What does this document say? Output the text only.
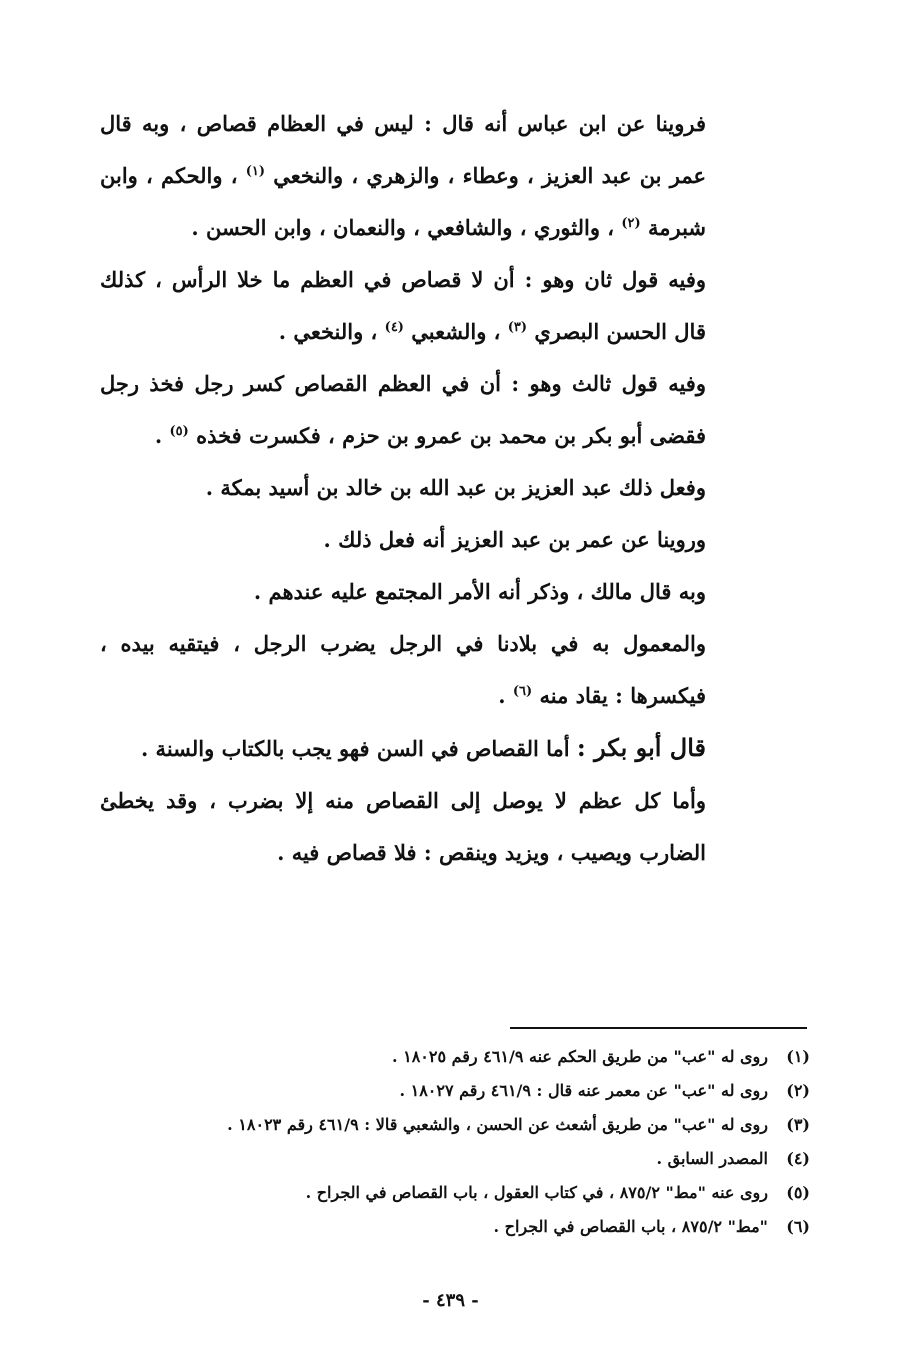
فروينا عن ابن عباس أنه قال : ليس في العظام قصاص ، وبه قال عمر بن عبد العزيز ، وعطاء ، والزهري ، والنخعي $^{(١)}$ ، والحكم ، وابن شبرمة $^{(٢)}$ ، والثوري ، والشافعي ، والنعمان ، وابن الحسن .

وفيه قول ثان وهو : أن لا قصاص في العظم ما خلا الرأس ، كذلك قال الحسن البصري $^{(٣)}$ ، والشعبي $^{(٤)}$ ، والنخعي .

وفيه قول ثالث وهو : أن في العظم القصاص كسر رجل فخذ رجل فقضى أبو بكر بن محمد بن عمرو بن حزم ، فكسرت فخذه $^{(٥)}$ .

وفعل ذلك عبد العزيز بن عبد الله بن خالد بن أسيد بمكة .

وروينا عن عمر بن عبد العزيز أنه فعل ذلك .

وبه قال مالك ، وذكر أنه الأمر المجتمع عليه عندهم .

والمعمول به في بلادنا في الرجل يضرب الرجل ، فيتقيه بيده ، فيكسرها : يقاد منه $^{(٦)}$ .

قال أبو بكر : أما القصاص في السن فهو يجب بالكتاب والسنة .

وأما كل عظم لا يوصل إلى القصاص منه إلا بضرب ، وقد يخطئ الضارب ويصيب ، ويزيد وينقص : فلا قصاص فيه .

(١)روى له "عب" من طريق الحكم عنه ٤٦١/٩ رقم ١٨٠٢٥ .
(٢)روى له "عب" عن معمر عنه قال : ٤٦١/٩ رقم ١٨٠٢٧ .
(٣)روى له "عب" من طريق أشعث عن الحسن ، والشعبي قالا : ٤٦١/٩ رقم ١٨٠٢٣ .
(٤)المصدر السابق .
(٥)روى عنه "مط" ٨٧٥/٢ ، في كتاب العقول ، باب القصاص في الجراح .
(٦)"مط" ٨٧٥/٢ ، باب القصاص في الجراح .
- ٤٣٩ -
